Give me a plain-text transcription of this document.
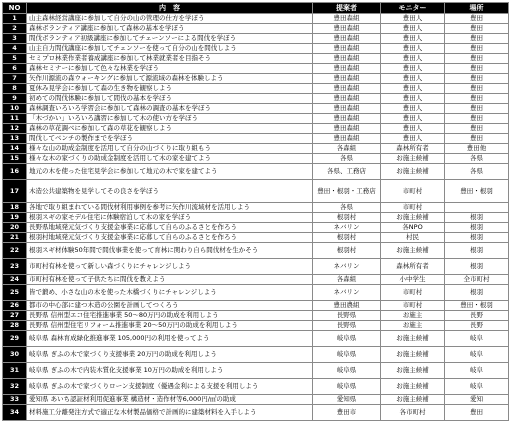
NO	内　容	提案者	モニター	場所
1	山主森林経営講座に参加して自分の山の管理の仕方を学ぼう	豊田森組	豊田人	豊田
2	森林ボランティア講座に参加して森林の基本を学ぼう	豊田森組	豊田人	豊田
3	間伐ボランティア初級講座に参加してチェーンソーによる間伐を学ぼう	豊田森組	豊田人	豊田
4	山主自力間伐講座に参加してチェンソーを使って自分の山を間伐しよう	豊田森組	豊田人	豊田
5	セミプロ林業作業者養成講座に参加して林業就業者を目指そう	豊田森組	豊田人	豊田
6	森林セミナーに参加して色々な林業を学ぼう	豊田森組	豊田人	豊田
7	矢作川源流の森ウォーキングに参加して源流域の森林を体験しよう	豊田森組	豊田人	豊田
8	夏休み見学会に参加して森の生き物を観察しよう	豊田森組	豊田人	豊田
9	初めての間伐体験に参加して間伐の基本を学ぼう	豊田森組	豊田人	豊田
10	森林調査いろいろ学習会に参加して森林の調査の基本を学ぼう	豊田森組	豊田人	豊田
11	「木づかい」いろいろ講習に参加して木の使い方を学ぼう	豊田森組	豊田人	豊田
12	森林の草花調べに参加して森の草花を観察しよう	豊田森組	豊田人	豊田
13	間伐してベンチの製作までを学ぼう	豊田森組	豊田人	豊田
14	様々な山の助成金制度を活用して自分の山づくりに取り組もう	各森組	森林所有者	豊田他
15	様々な木の家づくりの助成金制度を活用して木の家を建てよう	各県	お施主候補	各県
16	地元の木を使った住宅見学会に参加して地元の木で家を建てよう	各県、工務店	お施主候補	各県
17	木造公共建築物を見学してその良さを学ぼう	豊田・根羽・工務店	市町村	豊田・根羽
18	各地で取り組まれている間伐材利用事例を参考に矢作川流域材を活用しよう	各県	市町村	
19	根羽スギの家モデル住宅に体験宿泊して木の家を学ぼう	根羽村	お施主候補	根羽
20	長野県地域発元気づくり支援金事業に応募して自らのふるさとを作ろう	ネバリン	各NPO	根羽
21	根羽村地域発元気づくり支援金事業に応募して自らのふるさとを作ろう	根羽村	村民	根羽
22	根羽スギ材体験50年間で間伐事業を使って育林に関わり自ら間伐材を生かそう	根羽村	お施主候補	根羽
23	市町村有林を使って新しい森づくりにチャレンジしよう	ネバリン	森林所有者	根羽
24	市町村有林を使って子供たちに間伐を教えよう	各森組	小中学生	全市町村
25	皆で鍛め、小さな山の木を使った木橋づくりにチャレンジしよう	ネバリン	市町村	根羽
26	都市の中心部に建つ木造の公園を計画してつくろう	豊田農組	市町村	豊田・根羽
27	長野県 信州型エコ住宅推進事業 50〜80万円の助成を利用しよう	長野県	お施主	長野
28	長野県 信州型住宅リフォーム推進事業 20〜50万円の助成を利用しよう	長野県	お施主	長野
29	岐阜県 森林育成緑化推進事業 105,000円の利用を使ってよう	岐阜県	お施主候補	岐阜
30	岐阜県 ぎふの木で家づくり支援事業 20万円の助成を利用しよう	岐阜県	お施主候補	岐阜
31	岐阜県 ぎふの木で内装木質化支援事業 10万円の助成を利用しよう	岐阜県	お施主候補	岐阜
32	岐阜県 ぎふの木で家づくりローン支援制度（優遇金利による支援を利用しよう	岐阜県	お施主候補	岐阜
33	愛知県 あいち認証材利用促進事業 構造材・造作材等6,000円/㎥の助成	愛知県	お施主候補	愛知
34	材料施工分離発注方式で適正な木材製品価格で計画的に建築材料を入手しよう	豊田市	各市町村	豊田
